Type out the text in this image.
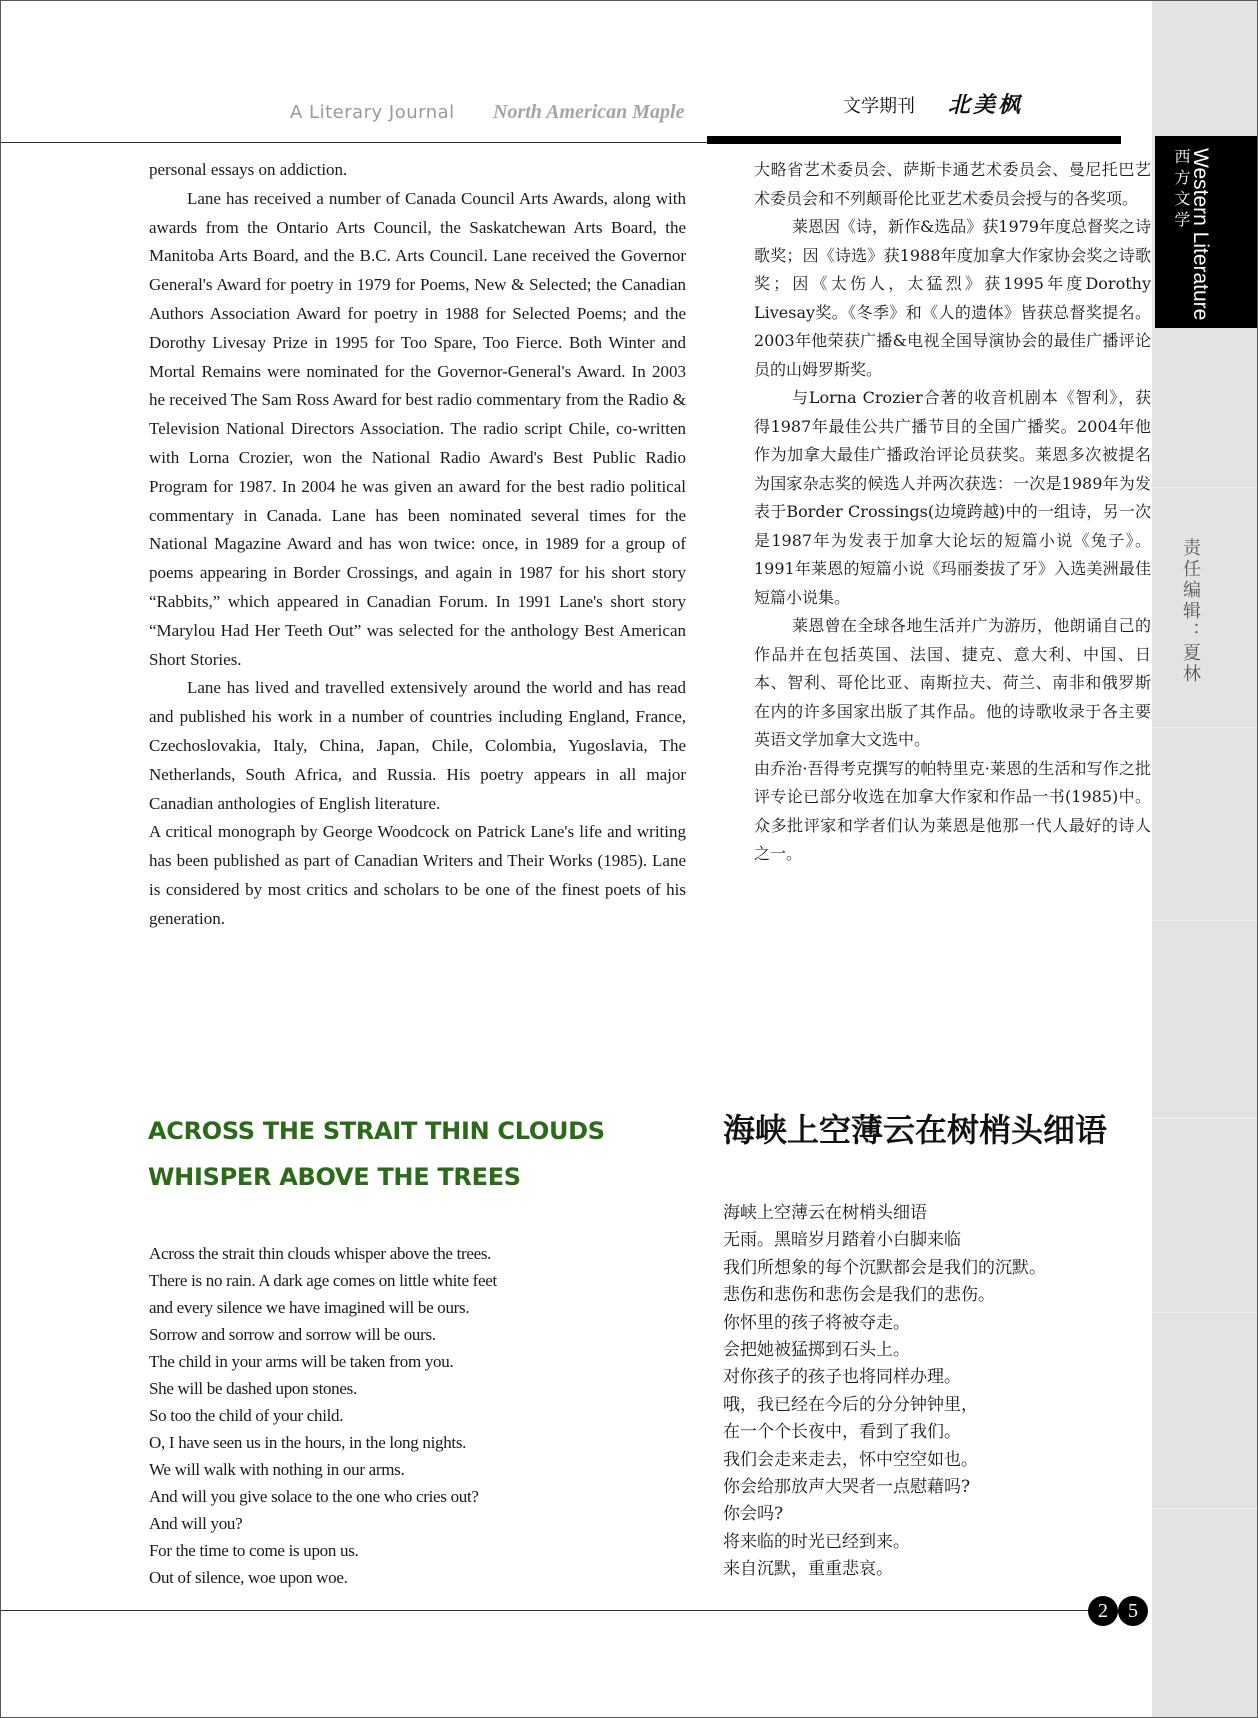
Western Literature
西方文学
责任编辑：夏林
A Literary Journal North American Maple	文学期刊 北美枫

personal essays on addiction.

Lane has received a number of Canada Council Arts Awards, along with awards from the Ontario Arts Council, the Saskatchewan Arts Board, the Manitoba Arts Board, and the B.C. Arts Council. Lane received the Governor General's Award for poetry in 1979 for Poems, New & Selected; the Canadian Authors Association Award for poetry in 1988 for Selected Poems; and the Dorothy Livesay Prize in 1995 for Too Spare, Too Fierce. Both Winter and Mortal Remains were nominated for the Governor-General's Award. In 2003 he received The Sam Ross Award for best radio commentary from the Radio & Television National Directors Association. The radio script Chile, co-written with Lorna Crozier, won the National Radio Award's Best Public Radio Program for 1987. In 2004 he was given an award for the best radio political commentary in Canada. Lane has been nominated several times for the National Magazine Award and has won twice: once, in 1989 for a group of poems appearing in Border Crossings, and again in 1987 for his short story “Rabbits,” which appeared in Canadian Forum. In 1991 Lane's short story “Marylou Had Her Teeth Out” was selected for the anthology Best American Short Stories.

Lane has lived and travelled extensively around the world and has read and published his work in a number of countries including England, France, Czechoslovakia, Italy, China, Japan, Chile, Colombia, Yugoslavia, The Netherlands, South Africa, and Russia. His poetry appears in all major Canadian anthologies of English literature.

A critical monograph by George Woodcock on Patrick Lane's life and writing has been published as part of Canadian Writers and Their Works (1985). Lane is considered by most critics and scholars to be one of the finest poets of his generation.

大略省艺术委员会、萨斯卡通艺术委员会、曼尼托巴艺术委员会和不列颠哥伦比亚艺术委员会授与的各奖项。

莱恩因《诗，新作&选品》获1979年度总督奖之诗歌奖；因《诗选》获1988年度加拿大作家协会奖之诗歌奖；因《太伤人，太猛烈》获1995年度Dorothy Livesay奖。《冬季》和《人的遗体》皆获总督奖提名。2003年他荣获广播&电视全国导演协会的最佳广播评论员的山姆罗斯奖。

与Lorna Crozier合著的收音机剧本《智利》，获得1987年最佳公共广播节目的全国广播奖。2004年他作为加拿大最佳广播政治评论员获奖。莱恩多次被提名为国家杂志奖的候选人并两次获选：一次是1989年为发表于Border Crossings(边境跨越)中的一组诗，另一次是1987年为发表于加拿大论坛的短篇小说《兔子》。1991年莱恩的短篇小说《玛丽娄拔了牙》入选美洲最佳短篇小说集。

莱恩曾在全球各地生活并广为游历，他朗诵自己的作品并在包括英国、法国、捷克、意大利、中国、日本、智利、哥伦比亚、南斯拉夫、荷兰、南非和俄罗斯在内的许多国家出版了其作品。他的诗歌收录于各主要英语文学加拿大文选中。

由乔治·吾得考克撰写的帕特里克·莱恩的生活和写作之批评专论已部分收选在加拿大作家和作品一书(1985)中。众多批评家和学者们认为莱恩是他那一代人最好的诗人之一。

ACROSS THE STRAIT THIN CLOUDS
WHISPER ABOVE THE TREES
Across the strait thin clouds whisper above the trees.
There is no rain. A dark age comes on little white feet
and every silence we have imagined will be ours.
Sorrow and sorrow and sorrow will be ours.
The child in your arms will be taken from you.
She will be dashed upon stones.
So too the child of your child.
O, I have seen us in the hours, in the long nights.
We will walk with nothing in our arms.
And will you give solace to the one who cries out?
And will you?
For the time to come is upon us.
Out of silence, woe upon woe.
海峡上空薄云在树梢头细语
海峡上空薄云在树梢头细语
无雨。黑暗岁月踏着小白脚来临
我们所想象的每个沉默都会是我们的沉默。
悲伤和悲伤和悲伤会是我们的悲伤。
你怀里的孩子将被夺走。
会把她被猛掷到石头上。
对你孩子的孩子也将同样办理。
哦，我已经在今后的分分钟钟里，
在一个个长夜中，看到了我们。
我们会走来走去，怀中空空如也。
你会给那放声大哭者一点慰藉吗?
你会吗?
将来临的时光已经到来。
来自沉默，重重悲哀。
2	5
